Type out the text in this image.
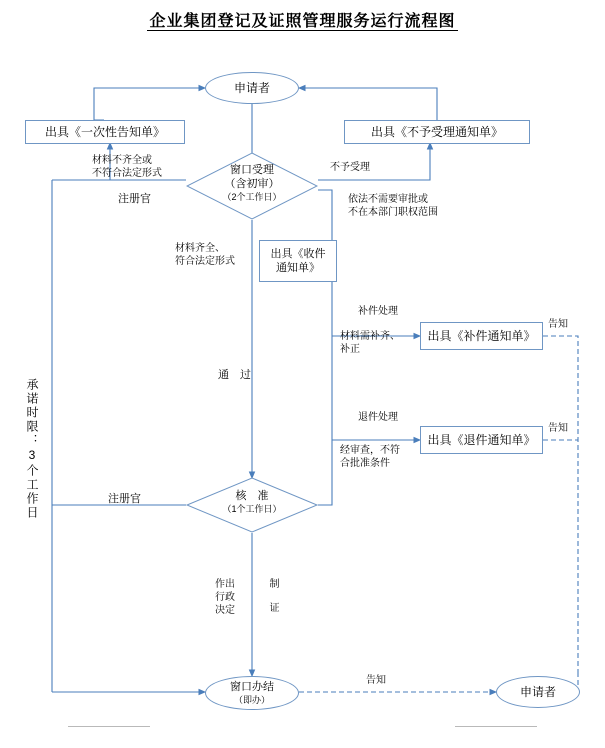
企业集团登记及证照管理服务运行流程图
申请者
出具《一次性告知单》	出具《不予受理通知单》
窗口受理
（含初审）
（2个工作日）
出具《收件
通知单》
出具《补件通知单》
出具《退件通知单》
核　准
（1个工作日）
窗口办结
（即办）
申请者
材料不齐全或
不符合法定形式
注册官
不予受理
依法不需要审批或
不在本部门职权范围
材料齐全、
符合法定形式
补件处理
材料需补齐、
补正
告知
退件处理
经审查，不符
合批准条件
告知
通　过
注册官
作出
行政
决定	制　证
告知
承诺时限：3个工作日
